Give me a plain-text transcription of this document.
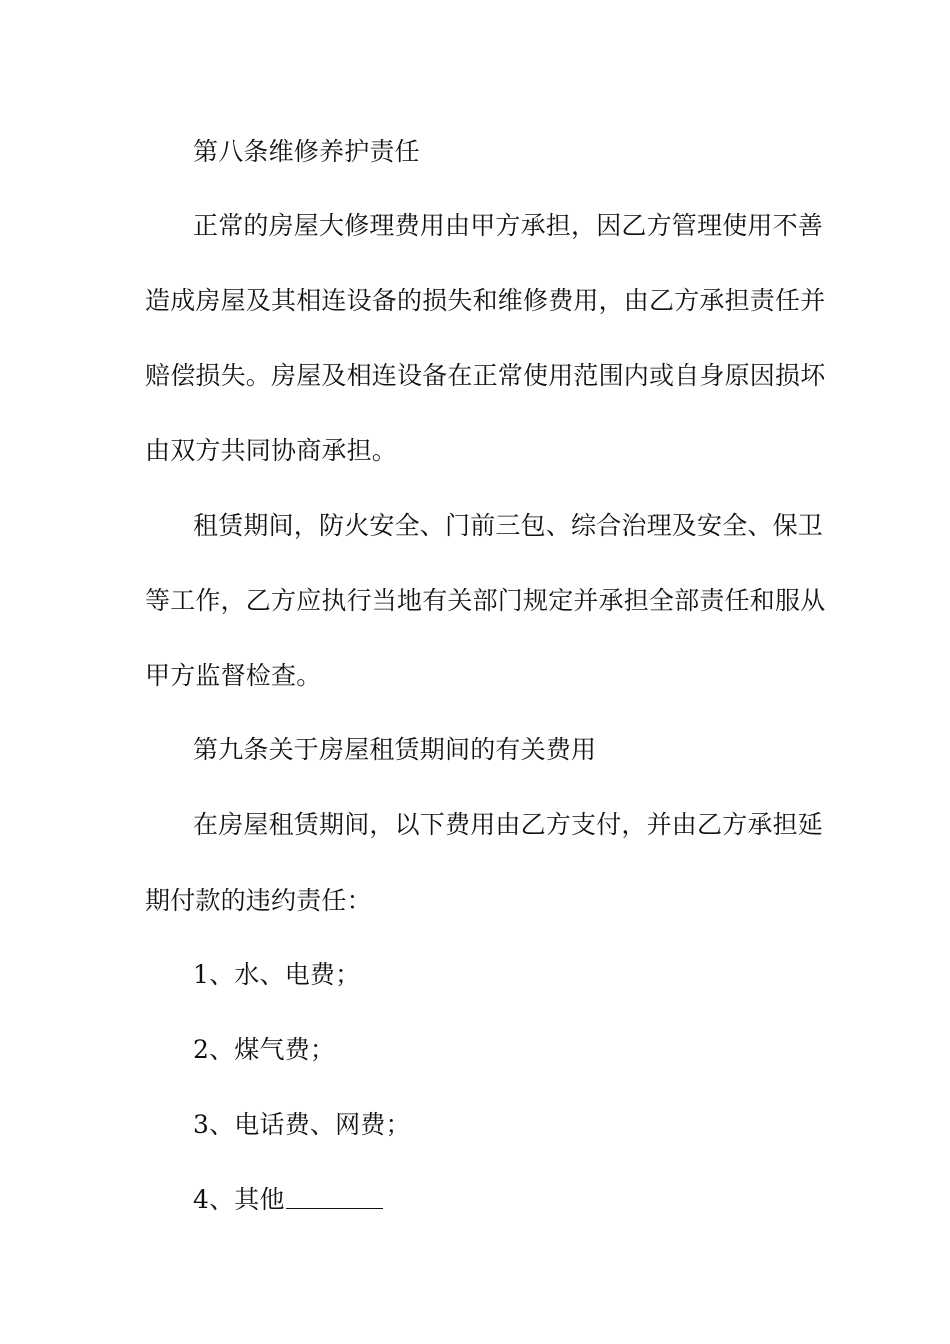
第八条维修养护责任

正常的房屋大修理费用由甲方承担，因乙方管理使用不善

造成房屋及其相连设备的损失和维修费用，由乙方承担责任并

赔偿损失。房屋及相连设备在正常使用范围内或自身原因损坏

由双方共同协商承担。

租赁期间，防火安全、门前三包、综合治理及安全、保卫

等工作，乙方应执行当地有关部门规定并承担全部责任和服从

甲方监督检查。

第九条关于房屋租赁期间的有关费用

在房屋租赁期间，以下费用由乙方支付，并由乙方承担延

期付款的违约责任：

1、水、电费；

2、煤气费；

3、电话费、网费；

4、其他
